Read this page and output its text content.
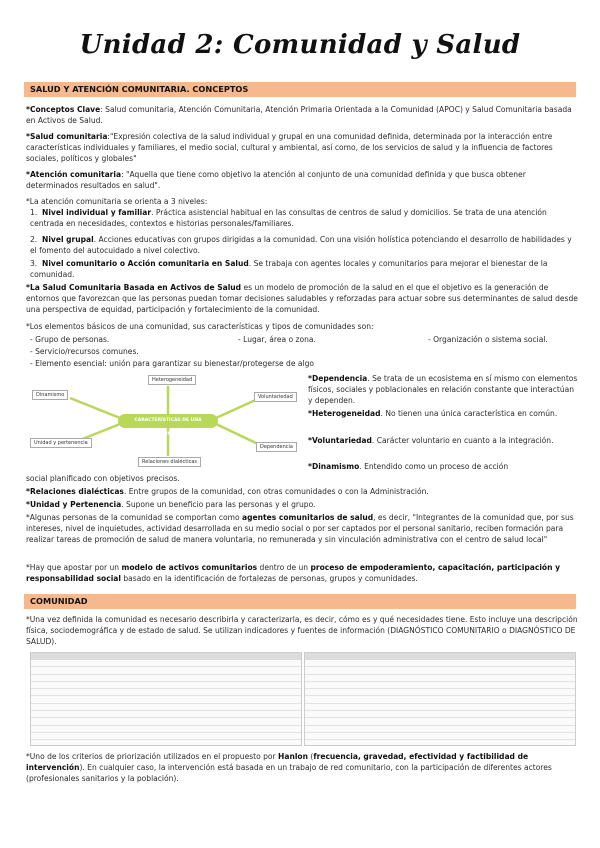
Unidad 2: Comunidad y Salud
SALUD Y ATENCIÓN COMUNITARIA. CONCEPTOS
*Conceptos Clave: Salud comunitaria, Atención Comunitaria, Atención Primaria Orientada a la Comunidad (APOC) y Salud Comunitaria basada en Activos de Salud.
*Salud comunitaria:"Expresión colectiva de la salud individual y grupal en una comunidad definida, determinada por la interacción entre características individuales y familiares, el medio social, cultural y ambiental, así como, de los servicios de salud y la influencia de factores sociales, políticos y globales"
*Atención comunitaria: "Aquella que tiene como objetivo la atención al conjunto de una comunidad definida y que busca obtener determinados resultados en salud".
*La atención comunitaria se orienta a 3 niveles:
1. Nivel individual y familiar. Práctica asistencial habitual en las consultas de centros de salud y domicilios. Se trata de una atención centrada en necesidades, contextos e historias personales/familiares.
2. Nivel grupal. Acciones educativas con grupos dirigidas a la comunidad. Con una visión holística potenciando el desarrollo de habilidades y el fomento del autocuidado a nivel colectivo.
3. Nivel comunitario o Acción comunitaria en Salud. Se trabaja con agentes locales y comunitarios para mejorar el bienestar de la comunidad.
*La Salud Comunitaria Basada en Activos de Salud es un modelo de promoción de la salud en el que el objetivo es la generación de entornos que favorezcan que las personas puedan tomar decisiones saludables y reforzadas para actuar sobre sus determinantes de salud desde una perspectiva de equidad, participación y fortalecimiento de la comunidad.
*Los elementos básicos de una comunidad, sus características y tipos de comunidades son:
- Grupo de personas.	- Lugar, área o zona.	- Organización o sistema social.
- Servicio/recursos comunes.
- Elemento esencial: unión para garantizar su bienestar/protegerse de algo
CARACTERÍSTICAS DE UNA COMUNIDAD
Heterogeneidad
Dinamismo	Voluntariedad
Unidad y pertenencia
Dependencia
Relaciones dialécticas
*Dependencia. Se trata de un ecosistema en sí mismo con elementos físicos, sociales y poblacionales en relación constante que interactúan y dependen.
*Heterogeneidad. No tienen una única característica en común.
*Voluntariedad. Carácter voluntario en cuanto a la integración.
*Dinamismo. Entendido como un proceso de acción
social planificado con objetivos precisos.
*Relaciones dialécticas. Entre grupos de la comunidad, con otras comunidades o con la Administración.
*Unidad y Pertenencia. Supone un beneficio para las personas y el grupo.
*Algunas personas de la comunidad se comportan como agentes comunitarios de salud, es decir, "Integrantes de la comunidad que, por sus intereses, nivel de inquietudes, actividad desarrollada en su medio social o por ser captados por el personal sanitario, reciben formación para realizar tareas de promoción de salud de manera voluntaria, no remunerada y sin vinculación administrativa con el centro de salud local"
*Hay que apostar por un modelo de activos comunitarios dentro de un proceso de empoderamiento, capacitación, participación y responsabilidad social basado en la identificación de fortalezas de personas, grupos y comunidades.
COMUNIDAD
*Una vez definida la comunidad es necesario describirla y caracterizarla, es decir, cómo es y qué necesidades tiene. Esto incluye una descripción física, sociodemográfica y de estado de salud. Se utilizan indicadores y fuentes de información (DIAGNÓSTICO COMUNITARIO o DIAGNÓSTICO DE SALUD).
*Uno de los criterios de priorización utilizados en el propuesto por Hanlon (frecuencia, gravedad, efectividad y factibilidad de intervención). En cualquier caso, la intervención está basada en un trabajo de red comunitario, con la participación de diferentes actores (profesionales sanitarios y la población).
